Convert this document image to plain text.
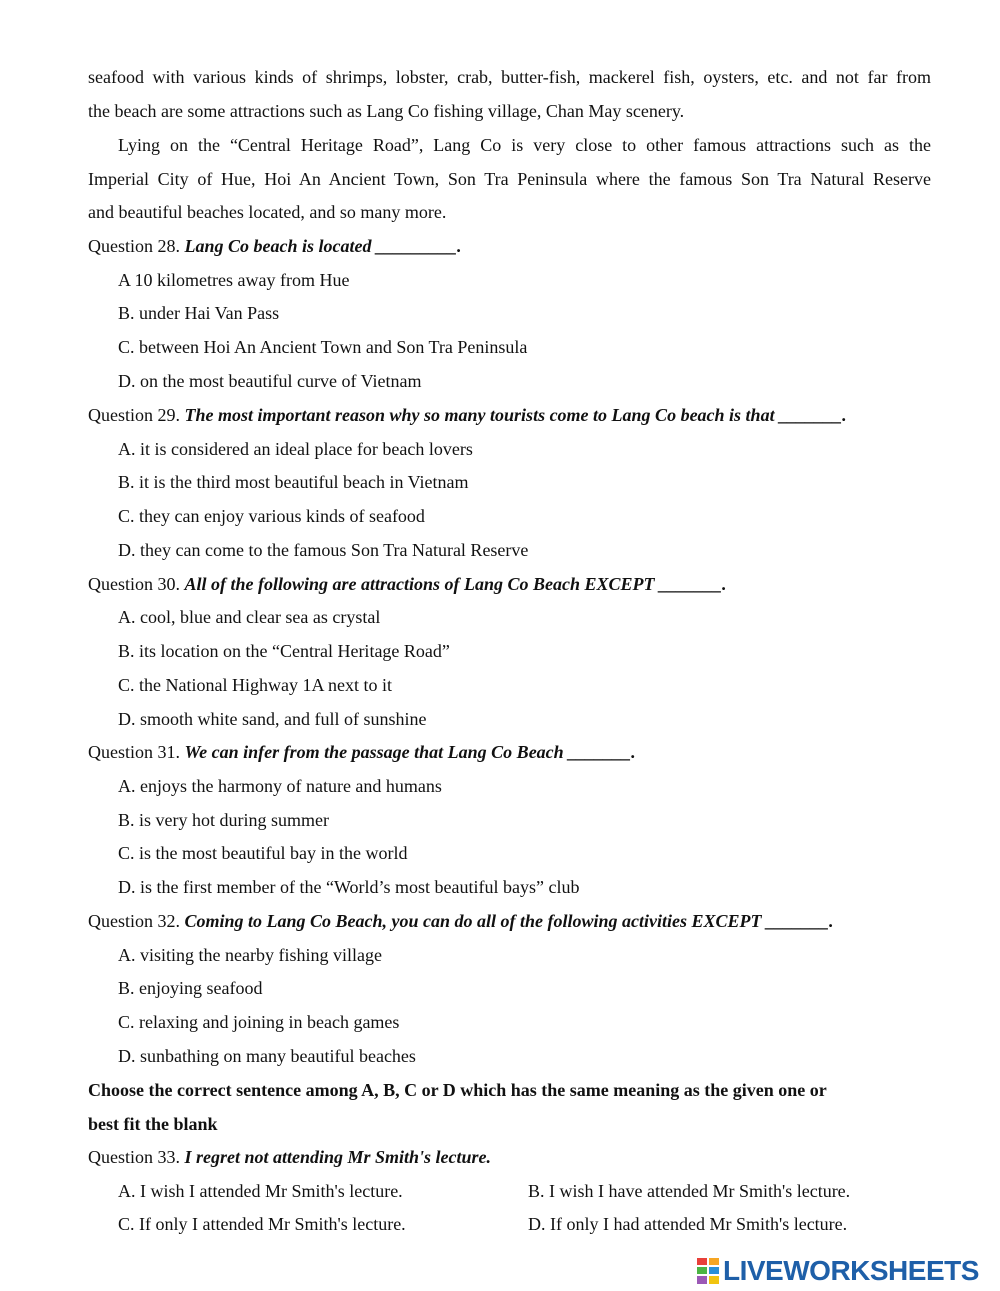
seafood with various kinds of shrimps, lobster, crab, butter-fish, mackerel fish, oysters, etc. and not far from
the beach are some attractions such as Lang Co fishing village, Chan May scenery.
Lying on the “Central Heritage Road”, Lang Co is very close to other famous attractions such as the
Imperial City of Hue, Hoi An Ancient Town, Son Tra Peninsula where the famous Son Tra Natural Reserve
and beautiful beaches located, and so many more.
Question 28. Lang Co beach is located _________.
A 10 kilometres away from Hue
B. under Hai Van Pass
C. between Hoi An Ancient Town and Son Tra Peninsula
D. on the most beautiful curve of Vietnam
Question 29. The most important reason why so many tourists come to Lang Co beach is that _______.
A. it is considered an ideal place for beach lovers
B. it is the third most beautiful beach in Vietnam
C. they can enjoy various kinds of seafood
D. they can come to the famous Son Tra Natural Reserve
Question 30. All of the following are attractions of Lang Co Beach EXCEPT _______.
A. cool, blue and clear sea as crystal
B. its location on the “Central Heritage Road”
C. the National Highway 1A next to it
D. smooth white sand, and full of sunshine
Question 31. We can infer from the passage that Lang Co Beach _______.
A. enjoys the harmony of nature and humans
B. is very hot during summer
C. is the most beautiful bay in the world
D. is the first member of the “World’s most beautiful bays” club
Question 32. Coming to Lang Co Beach, you can do all of the following activities EXCEPT _______.
A. visiting the nearby fishing village
B. enjoying seafood
C. relaxing and joining in beach games
D. sunbathing on many beautiful beaches
Choose the correct sentence among A, B, C or D which has the same meaning as the given one or
best fit the blank
Question 33. I regret not attending Mr Smith's lecture.
A. I wish I attended Mr Smith's lecture.	B. I wish I have attended Mr Smith's lecture.
C. If only I attended Mr Smith's lecture.	D. If only I had attended Mr Smith's lecture.
LIVEWORKSHEETS
